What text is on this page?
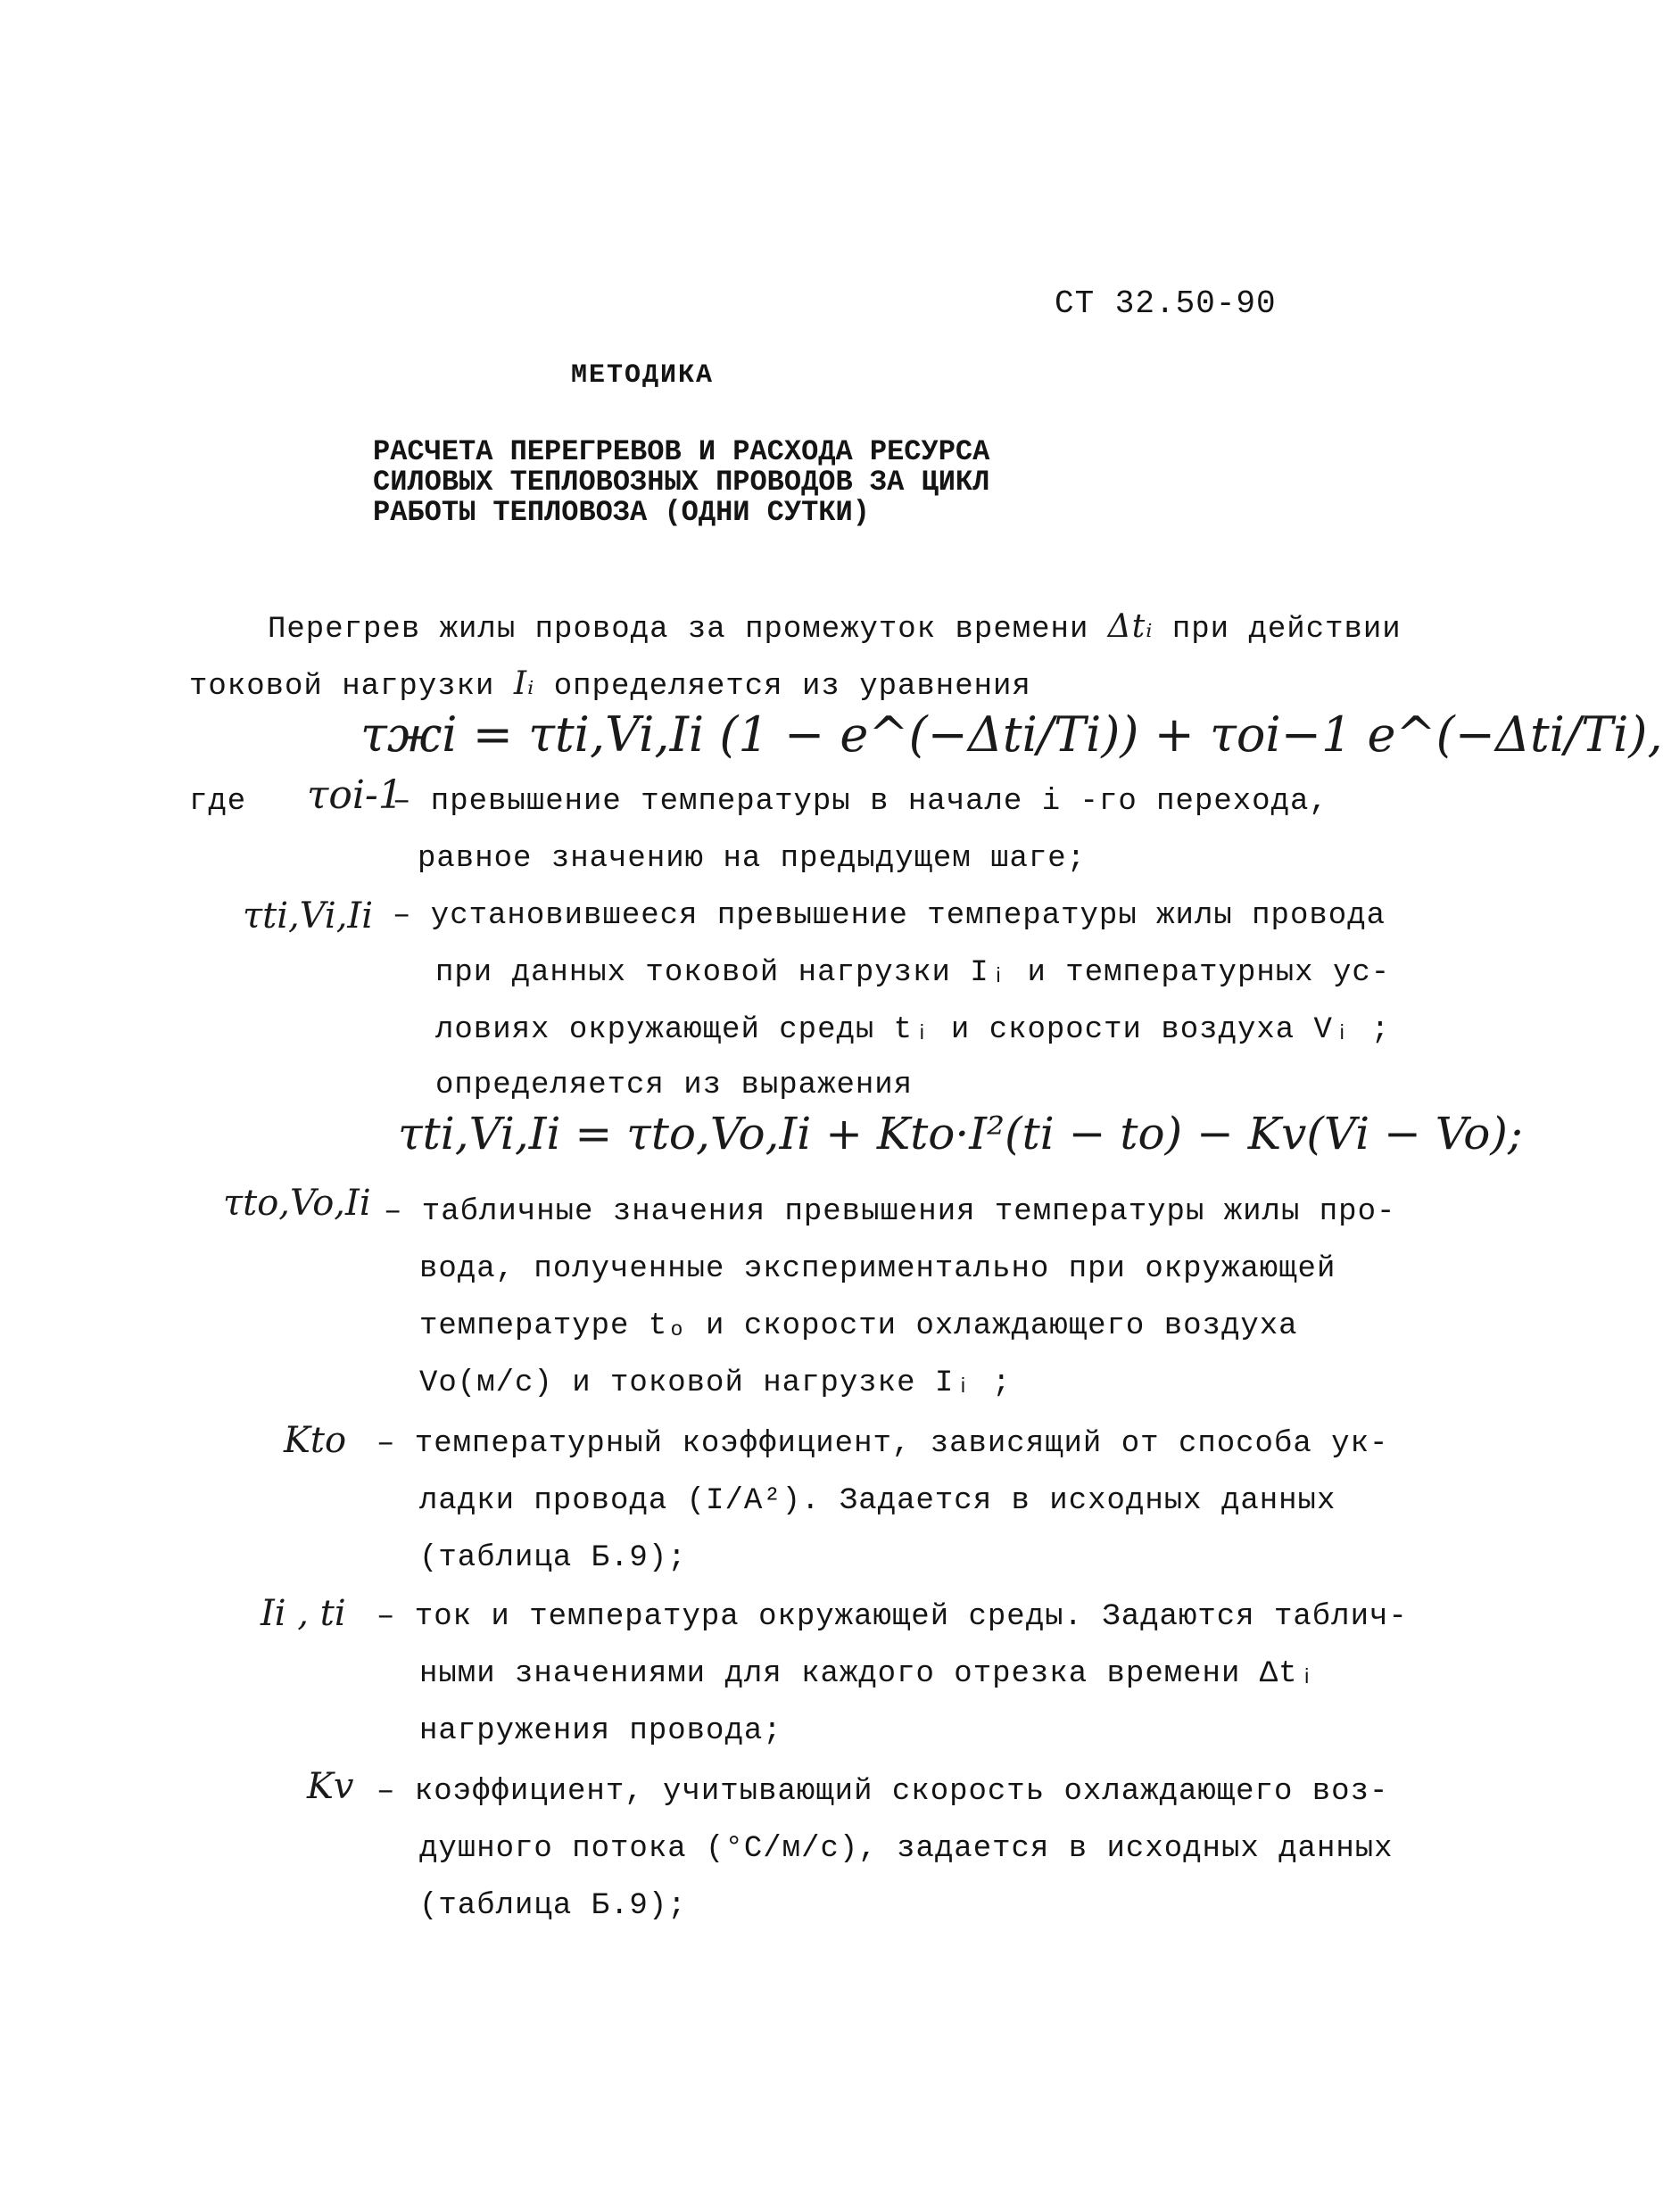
СТ 32.50-90
МЕТОДИКА
РАСЧЕТА ПЕРЕГРЕВОВ И РАСХОДА РЕСУРСА
СИЛОВЫХ ТЕПЛОВОЗНЫХ ПРОВОДОВ ЗА ЦИКЛ
РАБОТЫ ТЕПЛОВОЗА (ОДНИ СУТКИ)
Перегрев жилы провода за промежуток времени Δtᵢ при действии
токовой нагрузки Iᵢ определяется из уравнения
τжi = τti,Vi,Ii (1 − e^(−Δti/Ti)) + τoi−1 e^(−Δti/Ti),
где τoi-1
– превышение температуры в начале i -го перехода,
равное значению на предыдущем шаге;
τti,Vi,Ii – установившееся превышение температуры жилы провода
при данных токовой нагрузки Iᵢ и температурных ус-
ловиях окружающей среды tᵢ и скорости воздуха Vᵢ ;
определяется из выражения
τti,Vi,Ii = τto,Vo,Ii + Kto·I²(ti − to) − Kv(Vi − Vo);
τto,Vo,Ii – табличные значения превышения температуры жилы про-
вода, полученные экспериментально при окружающей
температуре tₒ и скорости охлаждающего воздуха
Vo(м/с) и токовой нагрузке Iᵢ ;
Kto – температурный коэффициент, зависящий от способа ук-
ладки провода (I/A²). Задается в исходных данных
(таблица Б.9);
Ii , ti – ток и температура окружающей среды. Задаются таблич-
ными значениями для каждого отрезка времени Δtᵢ
нагружения провода;
Kv – коэффициент, учитывающий скорость охлаждающего воз-
душного потока (°С/м/с), задается в исходных данных
(таблица Б.9);
